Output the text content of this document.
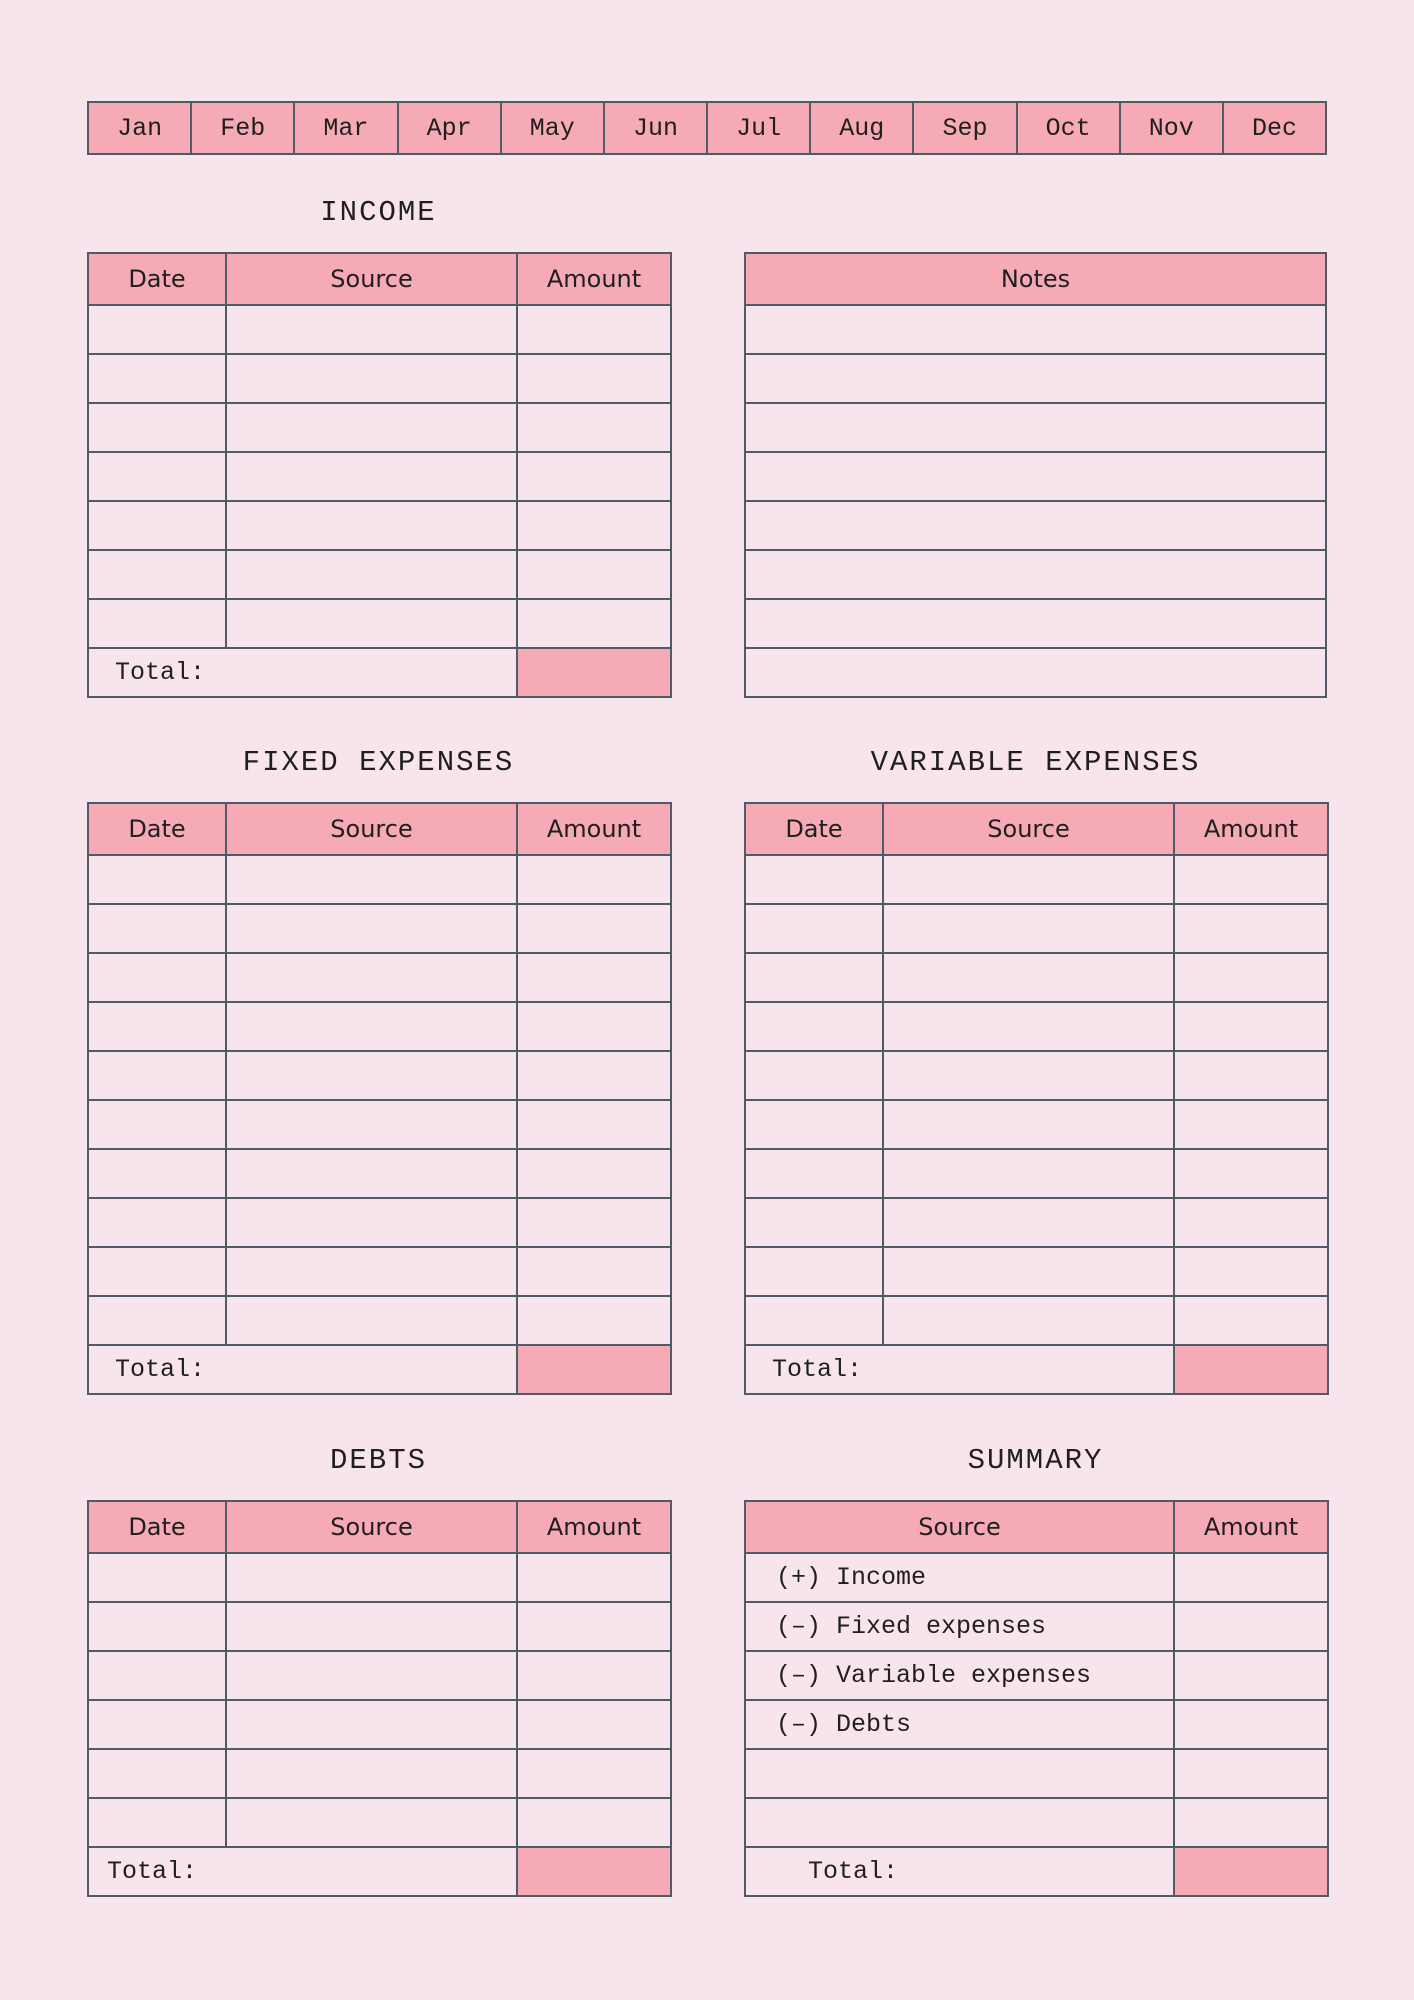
Jan	Feb	Mar	Apr	May	Jun	Jul	Aug	Sep	Oct	Nov	Dec
INCOME
Date	Source	Amount

Total:		
Notes

FIXED EXPENSES
Date	Source	Amount

Total:		
VARIABLE EXPENSES
Date	Source	Amount

Total:		
DEBTS
Date	Source	Amount

Total:		
SUMMARY
Source	Amount
(+) Income	
(–) Fixed expenses	
(–) Variable expenses	
(–) Debts	

Total:	
